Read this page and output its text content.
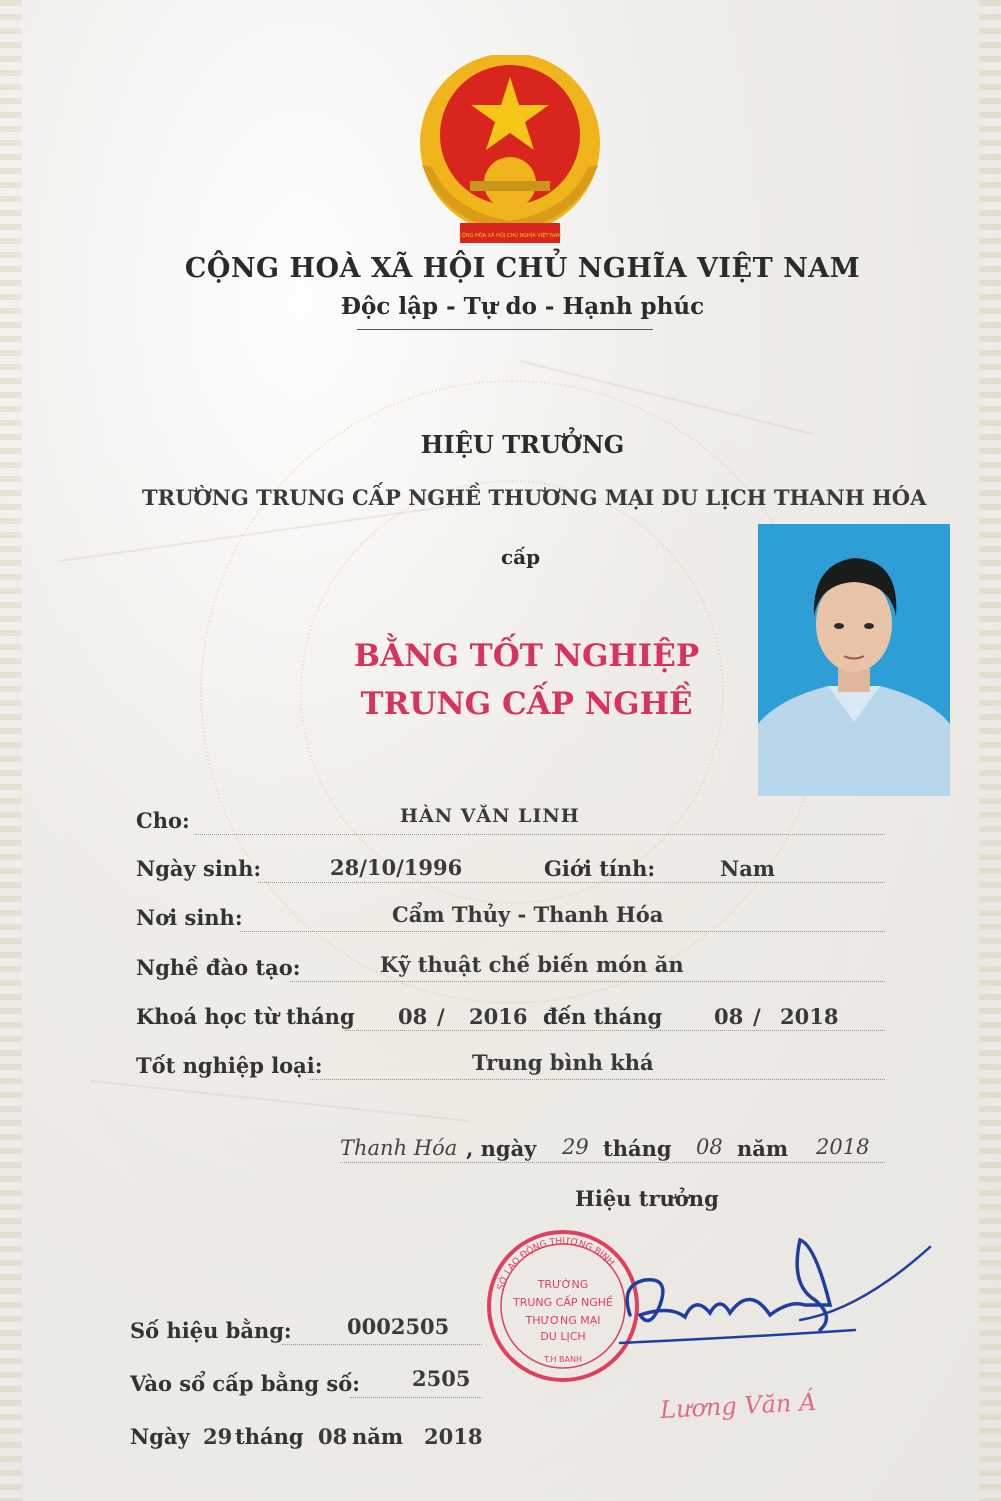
CỘNG HÒA XÃ HỘI CHỦ NGHĨA VIỆT NAM
CỘNG HOÀ XÃ HỘI CHỦ NGHĨA VIỆT NAM
Độc lập - Tự do - Hạnh phúc
HIỆU TRƯỞNG
TRƯỜNG TRUNG CẤP NGHỀ THƯƠNG MẠI DU LỊCH THANH HÓA
cấp
BẰNG TỐT NGHIỆP
TRUNG CẤP NGHỀ
Cho:	HÀN VĂN LINH
Ngày sinh:	28/10/1996	Giới tính:	Nam
Nơi sinh:	Cẩm Thủy - Thanh Hóa
Nghề đào tạo:	Kỹ thuật chế biến món ăn
Khoá học từ tháng 08 / 2016 đến tháng 08 / 2018
Tốt nghiệp loại:	Trung bình khá
Thanh Hóa , ngày 29 tháng 08 năm 2018
Hiệu trưởng
SỞ LAO ĐỘNG THƯƠNG BINH
TRƯỜNG
TRUNG CẤP NGHỀ
THƯƠNG MẠI
DU LỊCH
T.H BANH
Lương Văn Á
Số hiệu bằng:	0002505
Vào sổ cấp bằng số: 2505
Ngày 29 tháng 08 năm 2018
